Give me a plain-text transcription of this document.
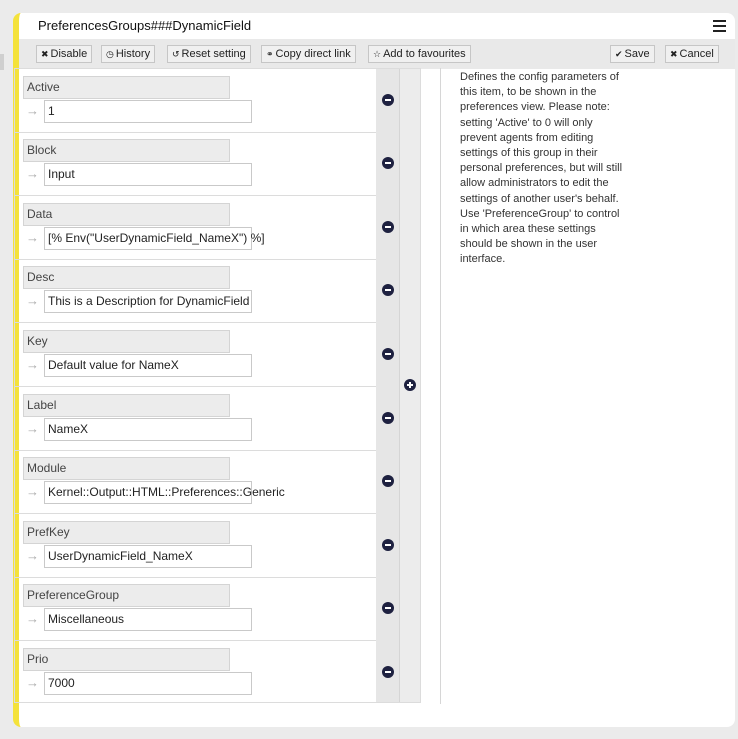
PreferencesGroups###DynamicField
✖ Disable	◷ History	↺ Reset setting	⚭ Copy direct link	☆ Add to favourites	✔ Save	✖ Cancel
Active
→ 1
Block
→ Input
Data
→ [% Env("UserDynamicField_NameX") %]
Desc
→ This is a Description for DynamicField
Key
→ Default value for NameX
Label
→ NameX
Module
→ Kernel::Output::HTML::Preferences::Generic
PrefKey
→ UserDynamicField_NameX
PreferenceGroup
→ Miscellaneous
Prio
→ 7000
Defines the config parameters of this item, to be shown in the preferences view. Please note: setting 'Active' to 0 will only prevent agents from editing settings of this group in their personal preferences, but will still allow administrators to edit the settings of another user's behalf. Use 'PreferenceGroup' to control in which area these settings should be shown in the user interface.
